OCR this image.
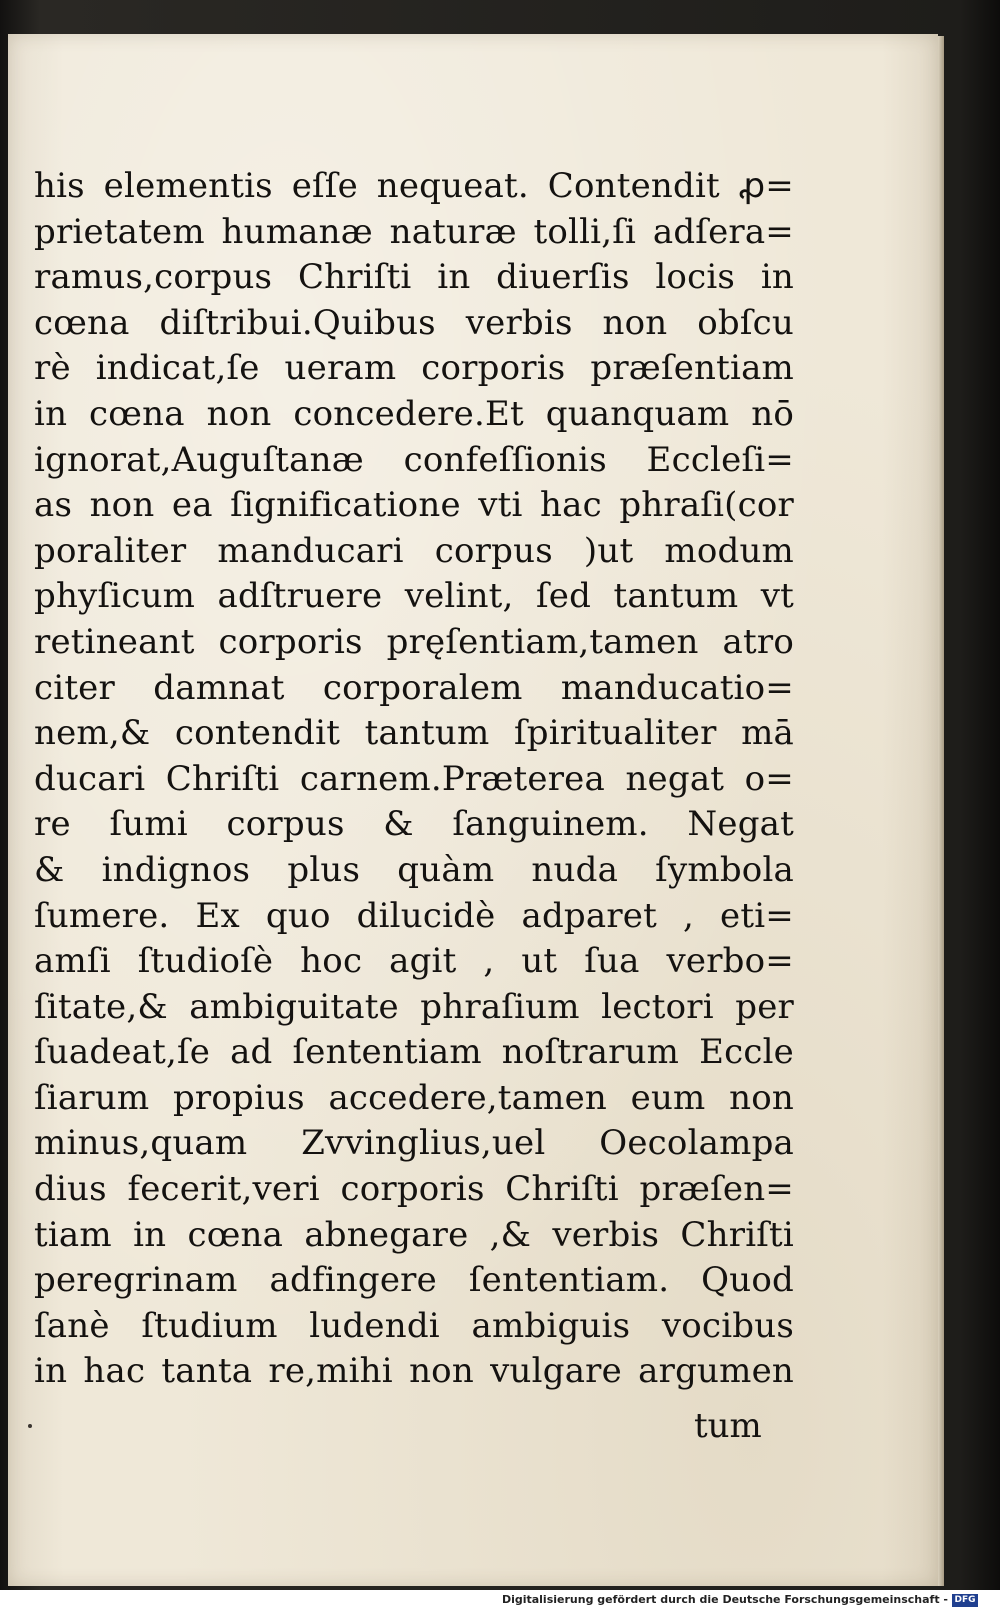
his elementis eſſe nequeat. Contendit ꝓ=
prietatem humanæ naturæ tolli,ſi adſera=
ramus,corpus Chriſti in diuerſis locis in
cœna diſtribui.Quibus verbis non obſcu
rè indicat,ſe ueram corporis præſentiam
in cœna non concedere.Et quanquam nō
ignorat,Auguſtanæ confeſſionis Eccleſi=
as non ea ſignificatione vti hac phraſi(cor
poraliter manducari corpus )ut modum
phyſicum adſtruere velint, ſed tantum vt
retineant corporis pręſentiam,tamen atro
citer damnat corporalem manducatio=
nem,& contendit tantum ſpiritualiter mā
ducari Chriſti carnem.Præterea negat o=
re ſumi corpus & ſanguinem. Negat
& indignos plus quàm nuda ſymbola
ſumere. Ex quo dilucidè adparet , eti=
amſi ſtudioſè hoc agit , ut ſua verbo=
ſitate,& ambiguitate phraſium lectori per
ſuadeat,ſe ad ſententiam noſtrarum Eccle
ſiarum propius accedere,tamen eum non
minus,quam Zvvinglius,uel Oecolampa
dius fecerit,veri corporis Chriſti præſen=
tiam in cœna abnegare ,& verbis Chriſti
peregrinam adfingere ſententiam. Quod
ſanè ſtudium ludendi ambiguis vocibus
in hac tanta re,mihi non vulgare argumen
tum
Digitalisierung gefördert durch die Deutsche Forschungsgemeinschaft - DFG
